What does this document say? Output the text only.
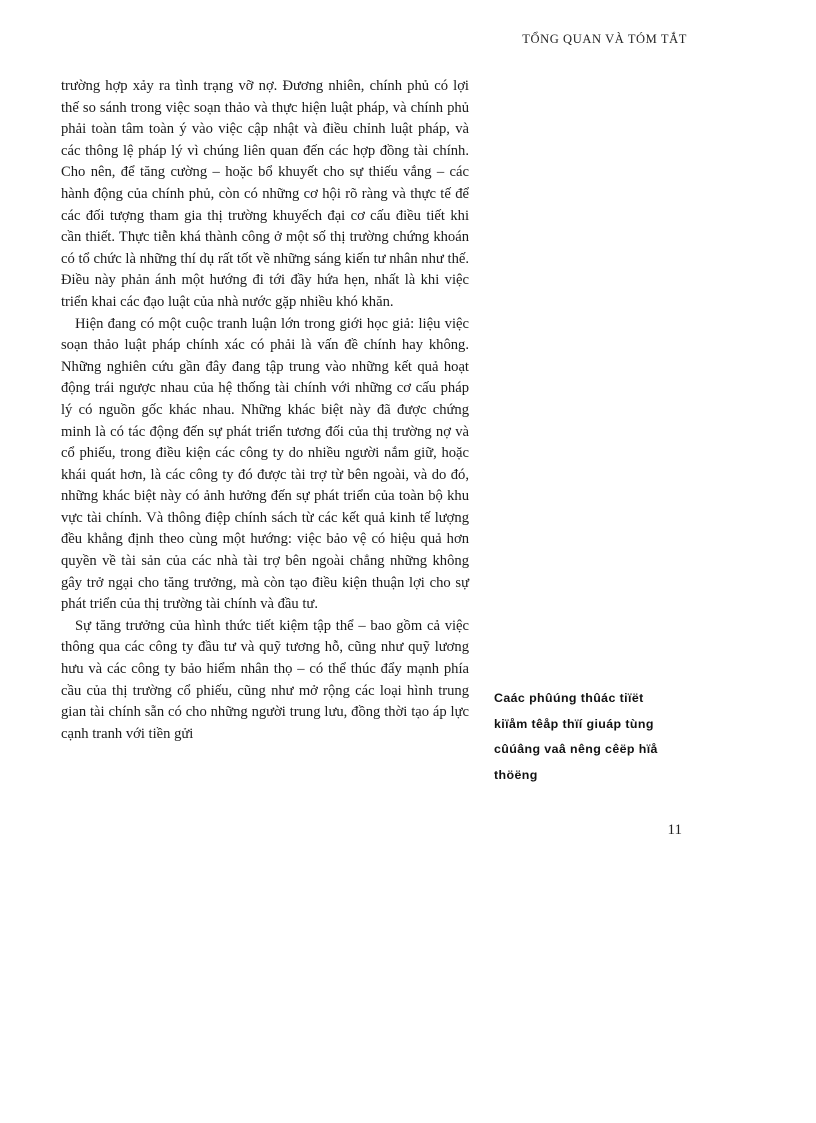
TỔNG QUAN VÀ TÓM TẮT

trường hợp xảy ra tình trạng vỡ nợ. Đương nhiên, chính phủ có lợi thế so sánh trong việc soạn thảo và thực hiện luật pháp, và chính phủ phải toàn tâm toàn ý vào việc cập nhật và điều chỉnh luật pháp, và các thông lệ pháp lý vì chúng liên quan đến các hợp đồng tài chính. Cho nên, để tăng cường – hoặc bổ khuyết cho sự thiếu vắng – các hành động của chính phủ, còn có những cơ hội rõ ràng và thực tế để các đối tượng tham gia thị trường khuyếch đại cơ cấu điều tiết khi cần thiết. Thực tiễn khá thành công ở một số thị trường chứng khoán có tổ chức là những thí dụ rất tốt về những sáng kiến tư nhân như thế. Điều này phản ánh một hướng đi tới đầy hứa hẹn, nhất là khi việc triển khai các đạo luật của nhà nước gặp nhiều khó khăn.

Hiện đang có một cuộc tranh luận lớn trong giới học giả: liệu việc soạn thảo luật pháp chính xác có phải là vấn đề chính hay không. Những nghiên cứu gần đây đang tập trung vào những kết quả hoạt động trái ngược nhau của hệ thống tài chính với những cơ cấu pháp lý có nguồn gốc khác nhau. Những khác biệt này đã được chứng minh là có tác động đến sự phát triển tương đối của thị trường nợ và cổ phiếu, trong điều kiện các công ty do nhiều người nắm giữ, hoặc khái quát hơn, là các công ty đó được tài trợ từ bên ngoài, và do đó, những khác biệt này có ảnh hưởng đến sự phát triển của toàn bộ khu vực tài chính. Và thông điệp chính sách từ các kết quả kinh tế lượng đều khẳng định theo cùng một hướng: việc bảo vệ có hiệu quả hơn quyền về tài sản của các nhà tài trợ bên ngoài chẳng những không gây trở ngại cho tăng trưởng, mà còn tạo điều kiện thuận lợi cho sự phát triển của thị trường tài chính và đầu tư.

Sự tăng trưởng của hình thức tiết kiệm tập thể – bao gồm cả việc thông qua các công ty đầu tư và quỹ tương hỗ, cũng như quỹ lương hưu và các công ty bảo hiểm nhân thọ – có thể thúc đẩy mạnh phía cầu của thị trường cổ phiếu, cũng như mở rộng các loại hình trung gian tài chính sẵn có cho những người trung lưu, đồng thời tạo áp lực cạnh tranh với tiền gửi

Caác phûúng thûác tiïët
kiïåm têåp thïí giuáp tùng
cûúâng vaâ nêng cêëp hïå
thöëng
11
